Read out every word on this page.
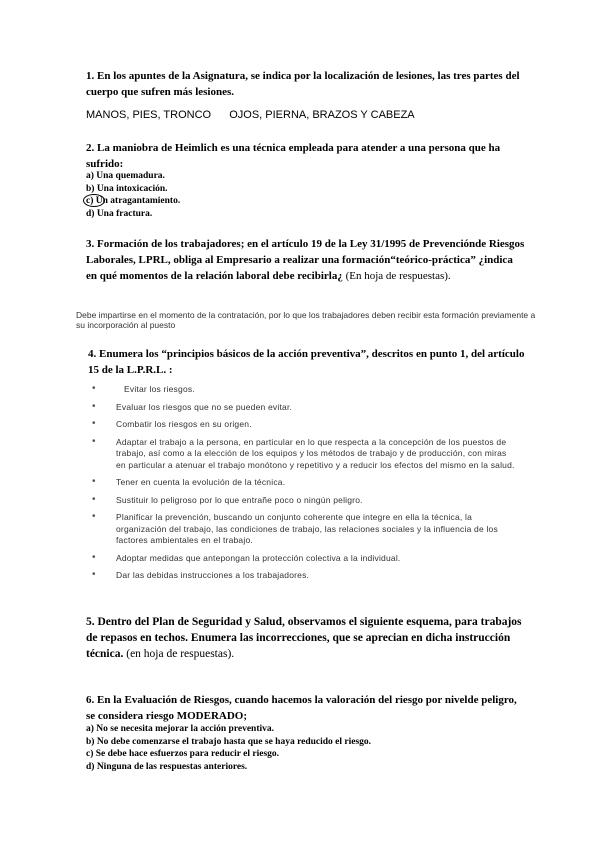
1. En los apuntes de la Asignatura, se indica por la localización de lesiones, las tres partes del cuerpo que sufren más lesiones.
MANOS, PIES, TRONCO OJOS, PIERNA, BRAZOS Y CABEZA
2. La maniobra de Heimlich es una técnica empleada para atender a una persona que ha sufrido:
a) Una quemadura.
b) Una intoxicación.
c) Un atragantamiento.
d) Una fractura.
3. Formación de los trabajadores; en el artículo 19 de la Ley 31/1995 de Prevenciónde Riesgos Laborales, LPRL, obliga al Empresario a realizar una formación“teórico-práctica” ¿indica en qué momentos de la relación laboral debe recibirla¿ (En hoja de respuestas).
Debe impartirse en el momento de la contratación, por lo que los trabajadores deben recibir esta formación previamente a su incorporación al puesto
4. Enumera los “principios básicos de la acción preventiva”, descritos en punto 1, del artículo 15 de la L.P.R.L. :
•	Evitar los riesgos.
• Evaluar los riesgos que no se pueden evitar.
• Combatir los riesgos en su origen.
• Adaptar el trabajo a la persona, en particular en lo que respecta a la concepción de los puestos de trabajo, así como a la elección de los equipos y los métodos de trabajo y de producción, con miras en particular a atenuar el trabajo monótono y repetitivo y a reducir los efectos del mismo en la salud.
• Tener en cuenta la evolución de la técnica.
• Sustituir lo peligroso por lo que entrañe poco o ningún peligro.
• Planificar la prevención, buscando un conjunto coherente que integre en ella la técnica, la organización del trabajo, las condiciones de trabajo, las relaciones sociales y la influencia de los factores ambientales en el trabajo.
• Adoptar medidas que antepongan la protección colectiva a la individual.
• Dar las debidas instrucciones a los trabajadores.
5. Dentro del Plan de Seguridad y Salud, observamos el siguiente esquema, para trabajos de repasos en techos. Enumera las incorrecciones, que se aprecian en dicha instrucción técnica. (en hoja de respuestas).
6. En la Evaluación de Riesgos, cuando hacemos la valoración del riesgo por nivelde peligro, se considera riesgo MODERADO;
a) No se necesita mejorar la acción preventiva.
b) No debe comenzarse el trabajo hasta que se haya reducido el riesgo.
c) Se debe hace esfuerzos para reducir el riesgo.
d) Ninguna de las respuestas anteriores.
